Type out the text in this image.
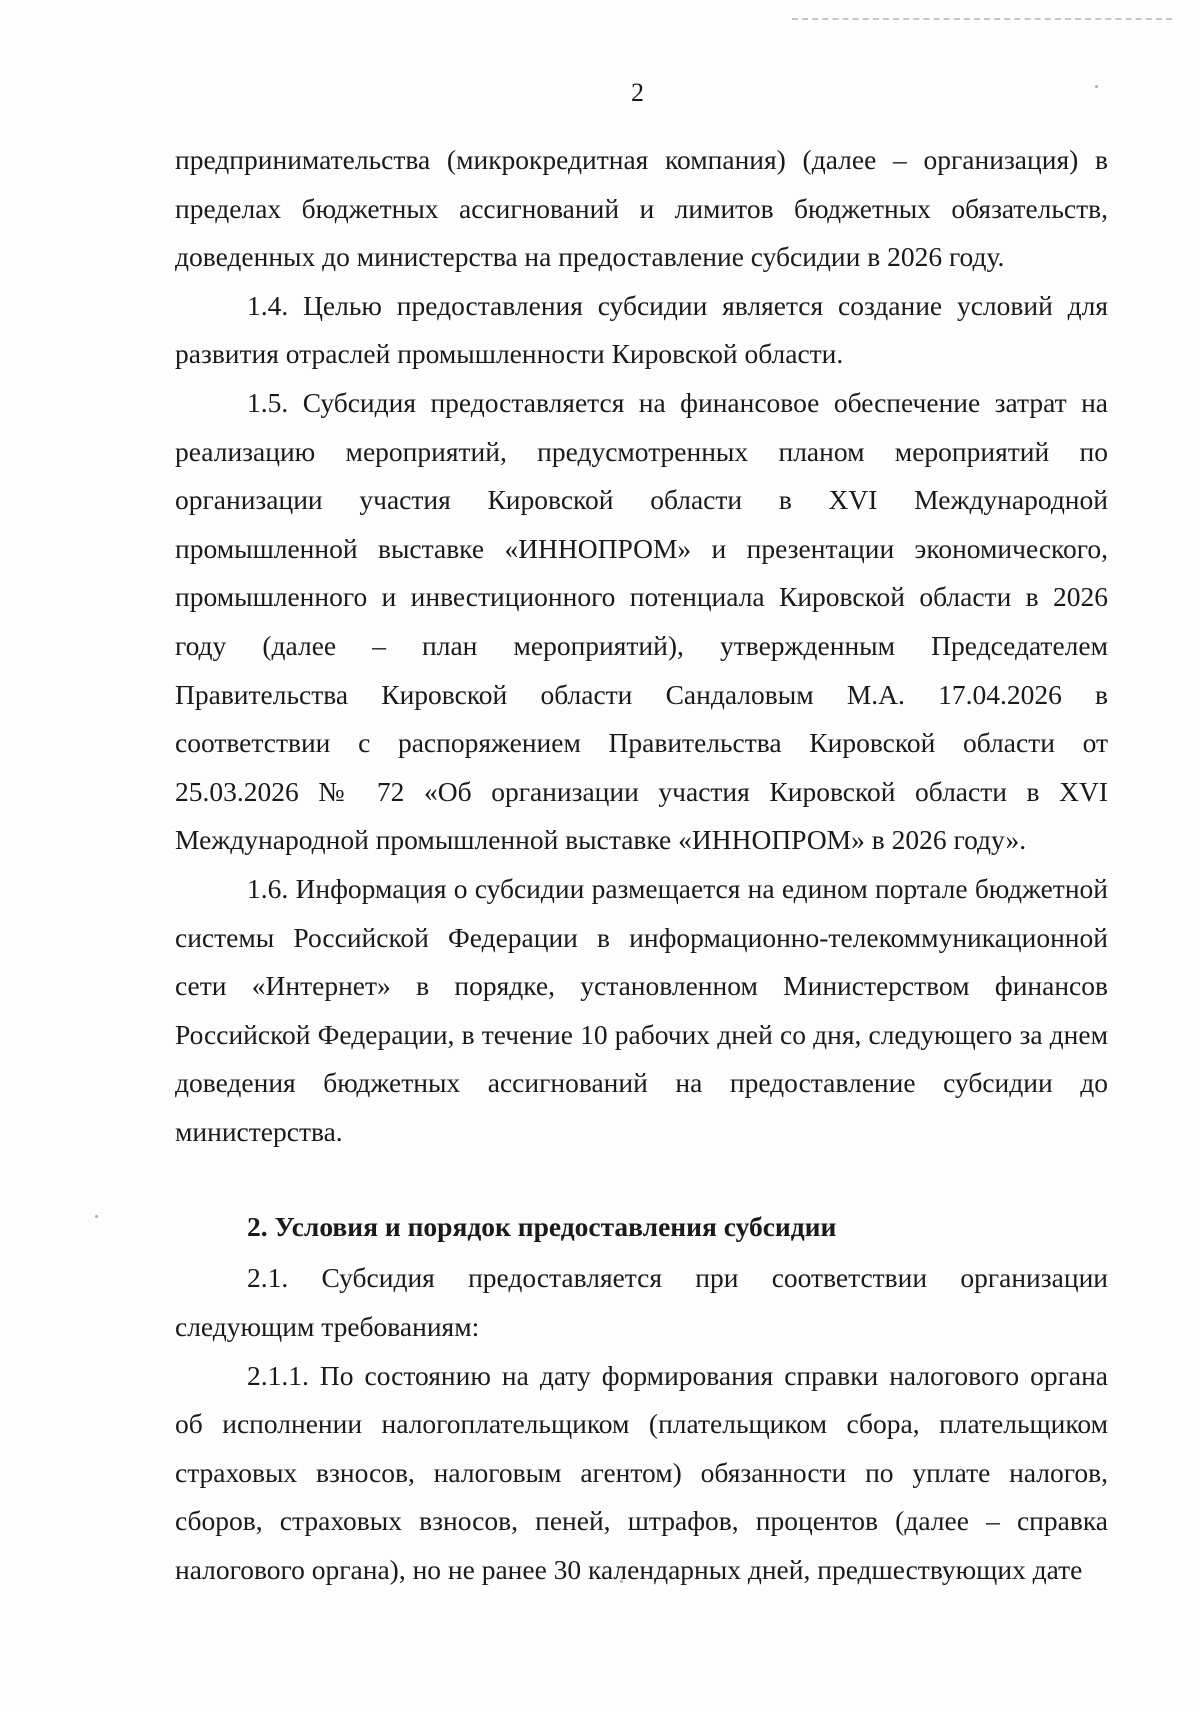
2

предпринимательства (микрокредитная компания) (далее – организация) в пределах бюджетных ассигнований и лимитов бюджетных обязательств, доведенных до министерства на предоставление субсидии в 2026 году.

1.4. Целью предоставления субсидии является создание условий для развития отраслей промышленности Кировской области.

1.5. Субсидия предоставляется на финансовое обеспечение затрат на реализацию мероприятий, предусмотренных планом мероприятий по организации участия Кировской области в XVI Международной промышленной выставке «ИННОПРОМ» и презентации экономического, промышленного и инвестиционного потенциала Кировской области в 2026 году (далее – план мероприятий), утвержденным Председателем Правительства Кировской области Сандаловым М.А. 17.04.2026 в соответствии с распоряжением Правительства Кировской области от 25.03.2026 № 72 «Об организации участия Кировской области в XVI Международной промышленной выставке «ИННОПРОМ» в 2026 году».

1.6. Информация о субсидии размещается на едином портале бюджетной системы Российской Федерации в информационно-телекоммуникационной сети «Интернет» в порядке, установленном Министерством финансов Российской Федерации, в течение 10 рабочих дней со дня, следующего за днем доведения бюджетных ассигнований на предоставление субсидии до министерства.

2. Условия и порядок предоставления субсидии

2.1. Субсидия предоставляется при соответствии организации следующим требованиям:

2.1.1. По состоянию на дату формирования справки налогового органа об исполнении налогоплательщиком (плательщиком сбора, плательщиком страховых взносов, налоговым агентом) обязанности по уплате налогов, сборов, страховых взносов, пеней, штрафов, процентов (далее – справка налогового органа), но не ранее 30 календарных дней, предшествующих дате
